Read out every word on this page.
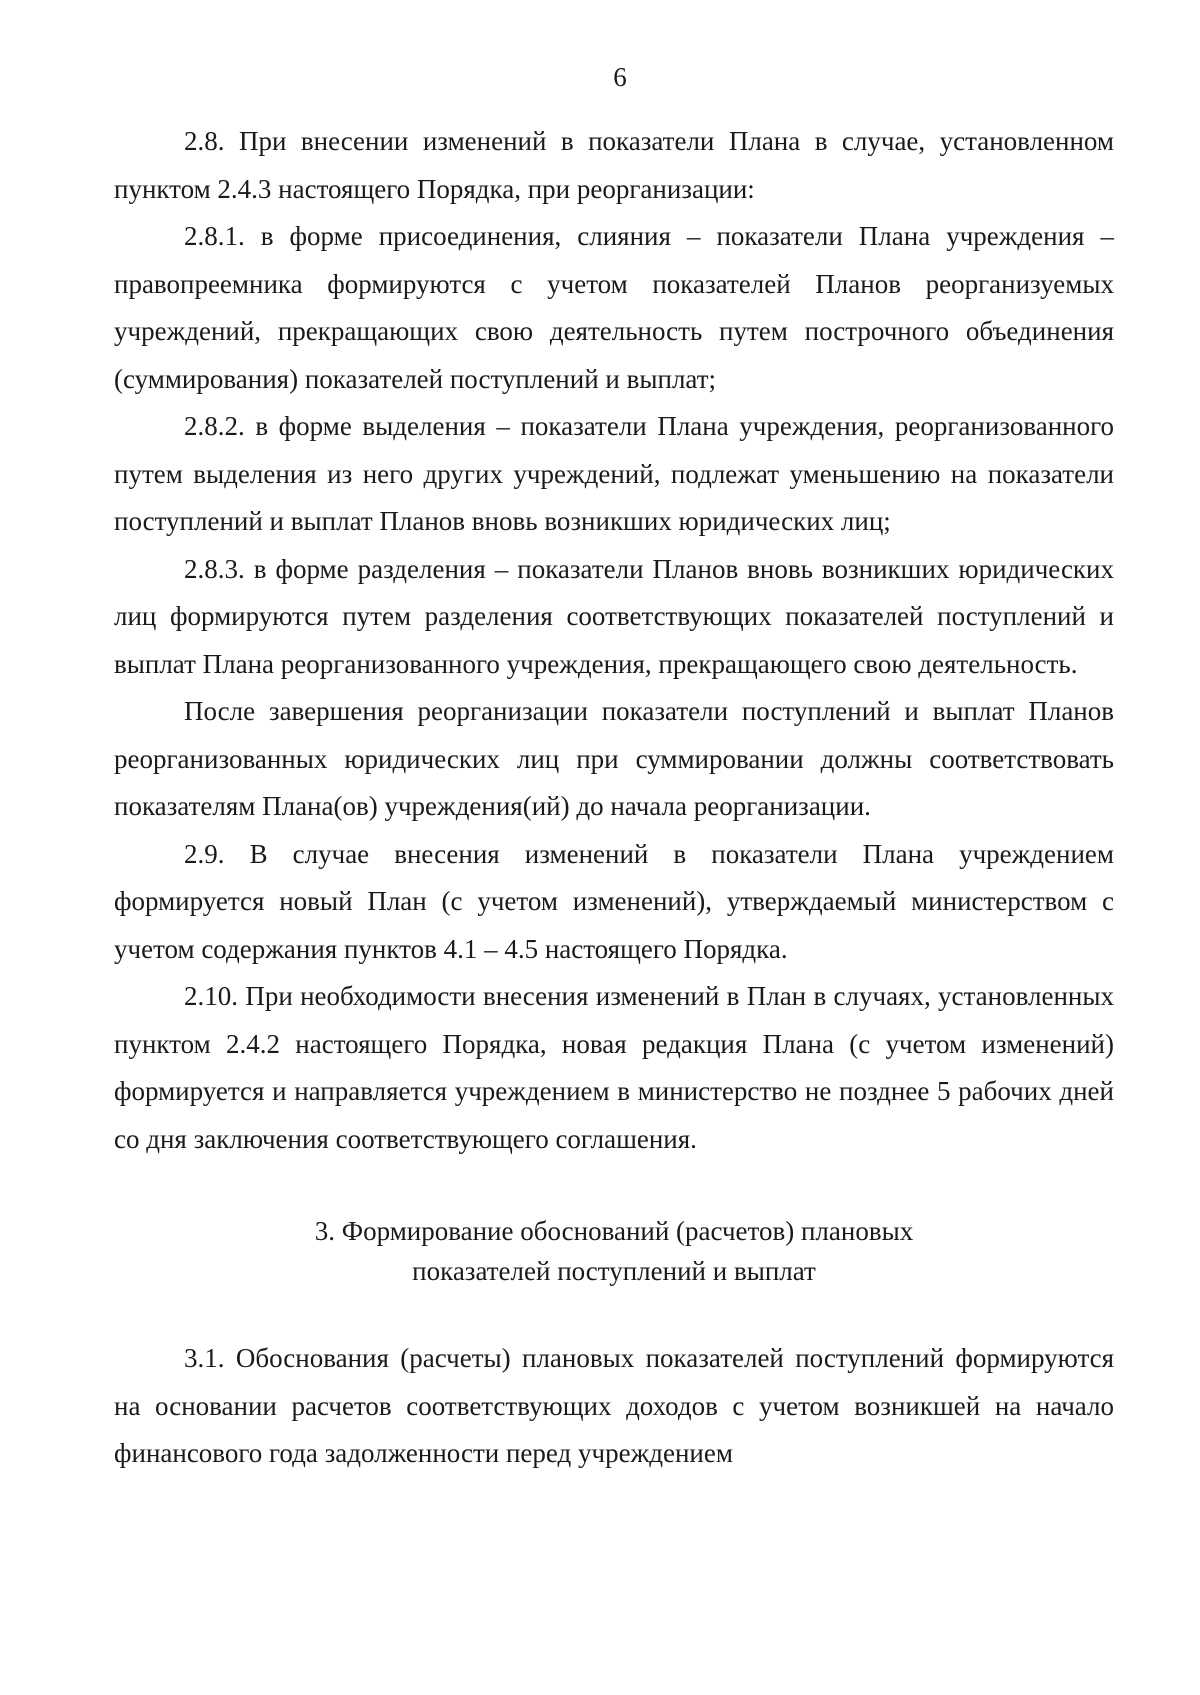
6

2.8. При внесении изменений в показатели Плана в случае, установленном пунктом 2.4.3 настоящего Порядка, при реорганизации:

2.8.1. в форме присоединения, слияния – показатели Плана учреждения – правопреемника формируются с учетом показателей Планов реорганизуемых учреждений, прекращающих свою деятельность путем построчного объединения (суммирования) показателей поступлений и выплат;

2.8.2. в форме выделения – показатели Плана учреждения, реорганизованного путем выделения из него других учреждений, подлежат уменьшению на показатели поступлений и выплат Планов вновь возникших юридических лиц;

2.8.3. в форме разделения – показатели Планов вновь возникших юридических лиц формируются путем разделения соответствующих показателей поступлений и выплат Плана реорганизованного учреждения, прекращающего свою деятельность.

После завершения реорганизации показатели поступлений и выплат Планов реорганизованных юридических лиц при суммировании должны соответствовать показателям Плана(ов) учреждения(ий) до начала реорганизации.

2.9. В случае внесения изменений в показатели Плана учреждением формируется новый План (с учетом изменений), утверждаемый министерством с учетом содержания пунктов 4.1 – 4.5 настоящего Порядка.

2.10. При необходимости внесения изменений в План в случаях, установленных пунктом 2.4.2 настоящего Порядка, новая редакция Плана (с учетом изменений) формируется и направляется учреждением в министерство не позднее 5 рабочих дней со дня заключения соответствующего соглашения.

3. Формирование обоснований (расчетов) плановых
показателей поступлений и выплат

3.1. Обоснования (расчеты) плановых показателей поступлений формируются на основании расчетов соответствующих доходов с учетом возникшей на начало финансового года задолженности перед учреждением
